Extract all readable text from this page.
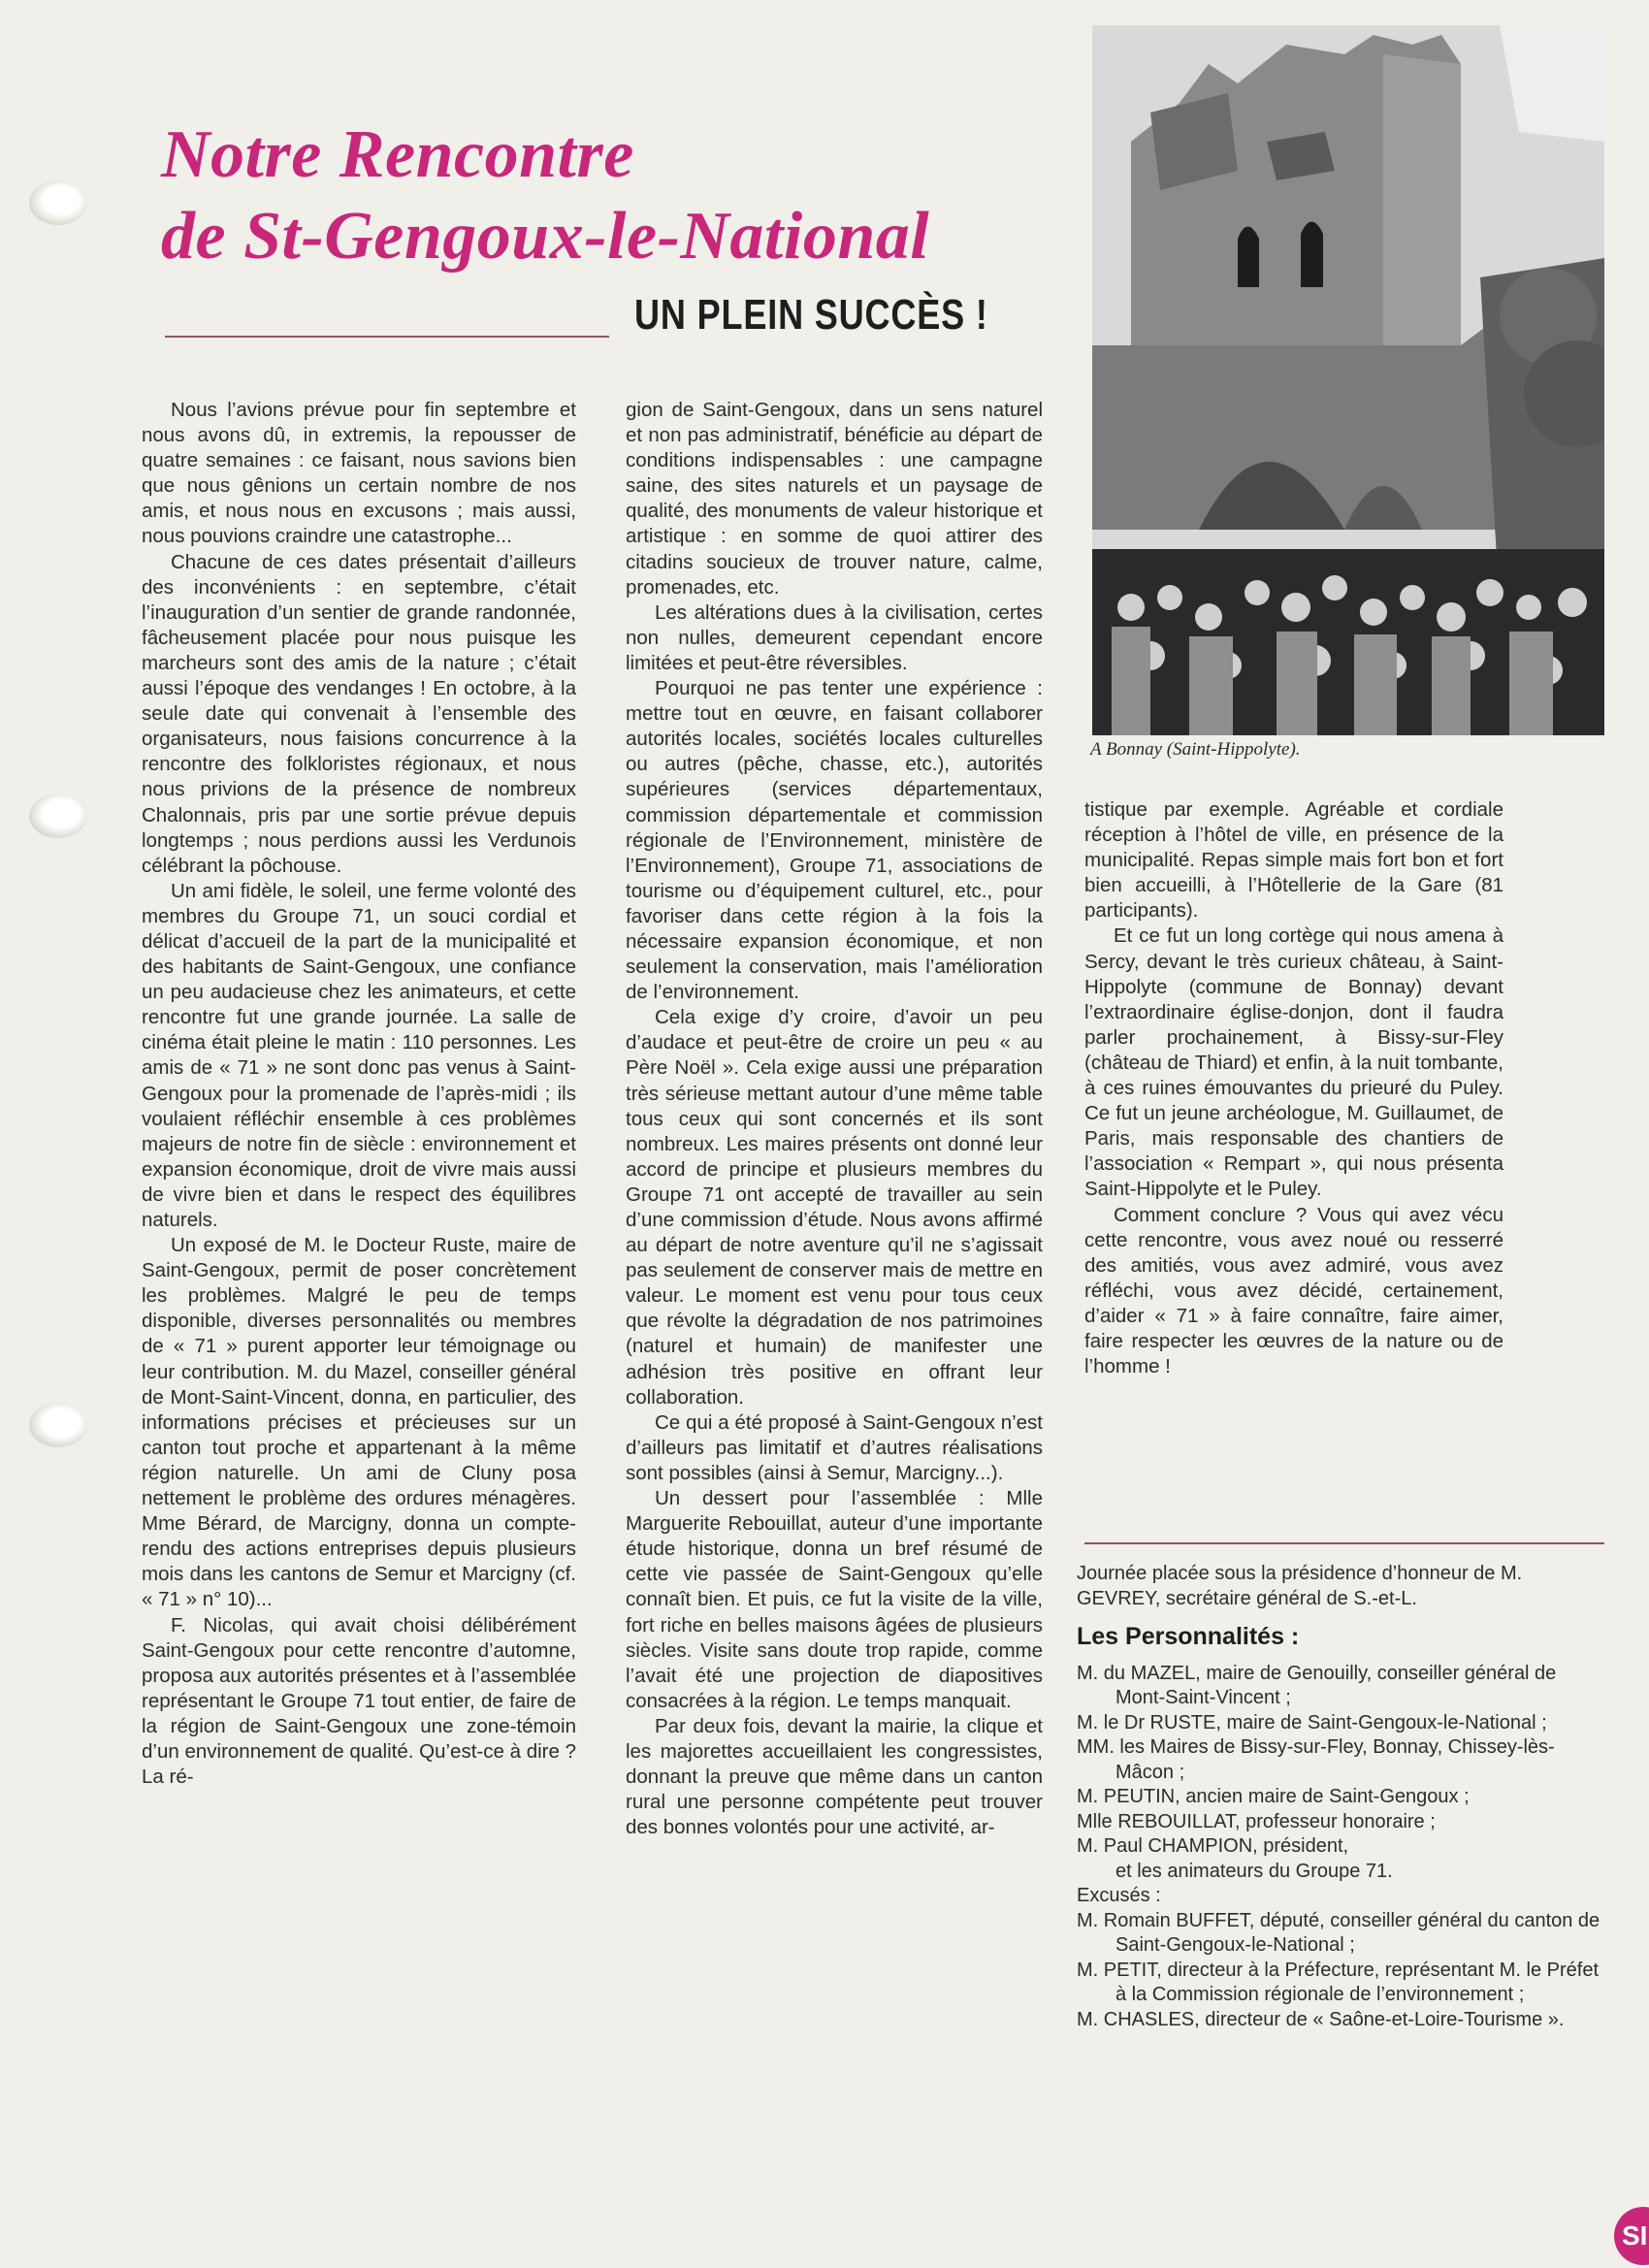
Notre Rencontre
de St-Gengoux-le-National
UN PLEIN SUCCÈS !
A Bonnay (Saint-Hippolyte).

Nous l’avions prévue pour fin septembre et nous avons dû, in extremis, la repousser de quatre semaines : ce faisant, nous savions bien que nous gênions un certain nombre de nos amis, et nous nous en excusons ; mais aussi, nous pouvions craindre une catastrophe...

Chacune de ces dates présentait d’ailleurs des inconvénients : en septembre, c’était l’inauguration d’un sentier de grande randonnée, fâcheusement placée pour nous puisque les marcheurs sont des amis de la nature ; c’était aussi l’époque des vendanges ! En octobre, à la seule date qui convenait à l’ensemble des organisateurs, nous faisions concurrence à la rencontre des folkloristes régionaux, et nous nous privions de la présence de nombreux Chalonnais, pris par une sortie prévue depuis longtemps ; nous perdions aussi les Verdunois célébrant la pôchouse.

Un ami fidèle, le soleil, une ferme volonté des membres du Groupe 71, un souci cordial et délicat d’accueil de la part de la municipalité et des habitants de Saint-Gengoux, une confiance un peu audacieuse chez les animateurs, et cette rencontre fut une grande journée. La salle de cinéma était pleine le matin : 110 personnes. Les amis de « 71 » ne sont donc pas venus à Saint-Gengoux pour la promenade de l’après-midi ; ils voulaient réfléchir ensemble à ces problèmes majeurs de notre fin de siècle : environnement et expansion économique, droit de vivre mais aussi de vivre bien et dans le respect des équilibres naturels.

Un exposé de M. le Docteur Ruste, maire de Saint-Gengoux, permit de poser concrètement les problèmes. Malgré le peu de temps disponible, diverses personnalités ou membres de « 71 » purent apporter leur témoignage ou leur contribution. M. du Mazel, conseiller général de Mont-Saint-Vincent, donna, en particulier, des informations précises et précieuses sur un canton tout proche et appartenant à la même région naturelle. Un ami de Cluny posa nettement le problème des ordures ménagères. Mme Bérard, de Marcigny, donna un compte-rendu des actions entreprises depuis plusieurs mois dans les cantons de Semur et Marcigny (cf. « 71 » n° 10)...

F. Nicolas, qui avait choisi délibérément Saint-Gengoux pour cette rencontre d’automne, proposa aux autorités présentes et à l’assemblée représentant le Groupe 71 tout entier, de faire de la région de Saint-Gengoux une zone-témoin d’un environnement de qualité. Qu’est-ce à dire ? La ré-

gion de Saint-Gengoux, dans un sens naturel et non pas administratif, bénéficie au départ de conditions indispensables : une campagne saine, des sites naturels et un paysage de qualité, des monuments de valeur historique et artistique : en somme de quoi attirer des citadins soucieux de trouver nature, calme, promenades, etc.

Les altérations dues à la civilisation, certes non nulles, demeurent cependant encore limitées et peut-être réversibles.

Pourquoi ne pas tenter une expérience : mettre tout en œuvre, en faisant collaborer autorités locales, sociétés locales culturelles ou autres (pêche, chasse, etc.), autorités supérieures (services départementaux, commission départementale et commission régionale de l’Environnement, ministère de l’Environnement), Groupe 71, associations de tourisme ou d’équipement culturel, etc., pour favoriser dans cette région à la fois la nécessaire expansion économique, et non seulement la conservation, mais l’amélioration de l’environnement.

Cela exige d’y croire, d’avoir un peu d’audace et peut-être de croire un peu « au Père Noël ». Cela exige aussi une préparation très sérieuse mettant autour d’une même table tous ceux qui sont concernés et ils sont nombreux. Les maires présents ont donné leur accord de principe et plusieurs membres du Groupe 71 ont accepté de travailler au sein d’une commission d’étude. Nous avons affirmé au départ de notre aventure qu’il ne s’agissait pas seulement de conserver mais de mettre en valeur. Le moment est venu pour tous ceux que révolte la dégradation de nos patrimoines (naturel et humain) de manifester une adhésion très positive en offrant leur collaboration.

Ce qui a été proposé à Saint-Gengoux n’est d’ailleurs pas limitatif et d’autres réalisations sont possibles (ainsi à Semur, Marcigny...).

Un dessert pour l’assemblée : Mlle Marguerite Rebouillat, auteur d’une importante étude historique, donna un bref résumé de cette vie passée de Saint-Gengoux qu’elle connaît bien. Et puis, ce fut la visite de la ville, fort riche en belles maisons âgées de plusieurs siècles. Visite sans doute trop rapide, comme l’avait été une projection de diapositives consacrées à la région. Le temps manquait.

Par deux fois, devant la mairie, la clique et les majorettes accueillaient les congressistes, donnant la preuve que même dans un canton rural une personne compétente peut trouver des bonnes volontés pour une activité, ar-

tistique par exemple. Agréable et cordiale réception à l’hôtel de ville, en présence de la municipalité. Repas simple mais fort bon et fort bien accueilli, à l’Hôtellerie de la Gare (81 participants).

Et ce fut un long cortège qui nous amena à Sercy, devant le très curieux château, à Saint-Hippolyte (commune de Bonnay) devant l’extraordinaire église-donjon, dont il faudra parler prochainement, à Bissy-sur-Fley (château de Thiard) et enfin, à la nuit tombante, à ces ruines émouvantes du prieuré du Puley. Ce fut un jeune archéologue, M. Guillaumet, de Paris, mais responsable des chantiers de l’association « Rempart », qui nous présenta Saint-Hippolyte et le Puley.

Comment conclure ? Vous qui avez vécu cette rencontre, vous avez noué ou resserré des amitiés, vous avez admiré, vous avez réfléchi, vous avez décidé, certainement, d’aider « 71 » à faire connaître, faire aimer, faire respecter les œuvres de la nature ou de l’homme !

Journée placée sous la présidence d’honneur de M. GEVREY, secrétaire général de S.-et-L.
Les Personnalités :
M. du MAZEL, maire de Genouilly, conseiller général de Mont-Saint-Vincent ;
M. le Dr RUSTE, maire de Saint-Gengoux-le-National ;
MM. les Maires de Bissy-sur-Fley, Bonnay, Chissey-lès-Mâcon ;
M. PEUTIN, ancien maire de Saint-Gengoux ;
Mlle REBOUILLAT, professeur honoraire ;
M. Paul CHAMPION, président,
et les animateurs du Groupe 71.
Excusés :
M. Romain BUFFET, député, conseiller général du canton de Saint-Gengoux-le-National ;
M. PETIT, directeur à la Préfecture, représentant M. le Préfet à la Commission régionale de l’environnement ;
M. CHASLES, directeur de « Saône-et-Loire-Tourisme ».
SI
